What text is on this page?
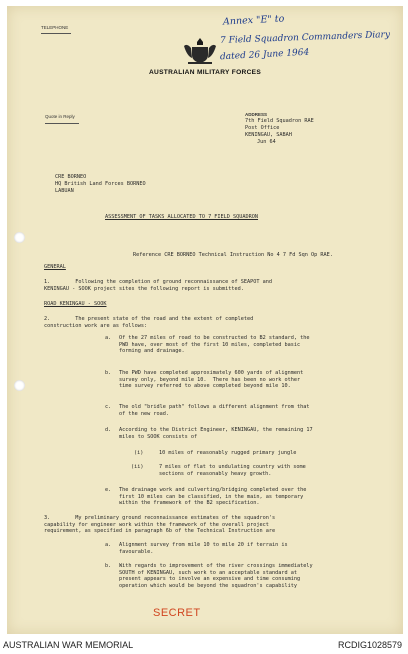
TELEPHONE
AUSTRALIAN MILITARY FORCES
Annex "E" to
7 Field Squadron Commanders Diary
dated 26 June 1964
Quote in Reply	ADDRESS
7th Field Squadron RAE
Post Office
KENINGAU, SABAH
Jun 64
CRE BORNEO
HQ British Land Forces BORNEO
LABUAN
ASSESSMENT OF TASKS ALLOCATED TO 7 FIELD SQUADRON
Reference CRE BORNEO Technical Instruction No 4 7 Fd Sqn Op RAE.
GENERAL
1.        Following the completion of ground reconnaissance of SEAPOT and
KENINGAU - SOOK project sites the following report is submitted.
ROAD KENINGAU - SOOK
2.        The present state of the road and the extent of completed
construction work are as follows:
a. Of the 27 miles of road to be constructed to B2 standard, the
PWD have, over most of the first 10 miles, completed basic
forming and drainage.
b. The PWD have completed approximately 600 yards of alignment
survey only, beyond mile 10.  There has been no work other
time survey referred to above completed beyond mile 10.
c. The old "bridle path" follows a different alignment from that
of the new road.
d. According to the District Engineer, KENINGAU, the remaining 17
miles to SOOK consists of
(i)	10 miles of reasonably rugged primary jungle
(ii)	7 miles of flat to undulating country with some
sections of reasonably heavy growth.
e. The drainage work and culverting/bridging completed over the
first 10 miles can be classified, in the main, as temporary
within the framework of the B2 specification.
3.        My preliminary ground reconnaissance estimates of the squadron's
capability for engineer work within the framework of the overall project
requirement, as specified in paragraph 6b of the Technical Instruction are
a. Alignment survey from mile 10 to mile 20 if terrain is
favourable.
b. With regards to improvement of the river crossings immediately
SOUTH of KENINGAU, such work to an acceptable standard at
present appears to involve an expensive and time consuming
operation which would be beyond the squadron's capability
SECRET
AUSTRALIAN WAR MEMORIAL	RCDIG1028579
